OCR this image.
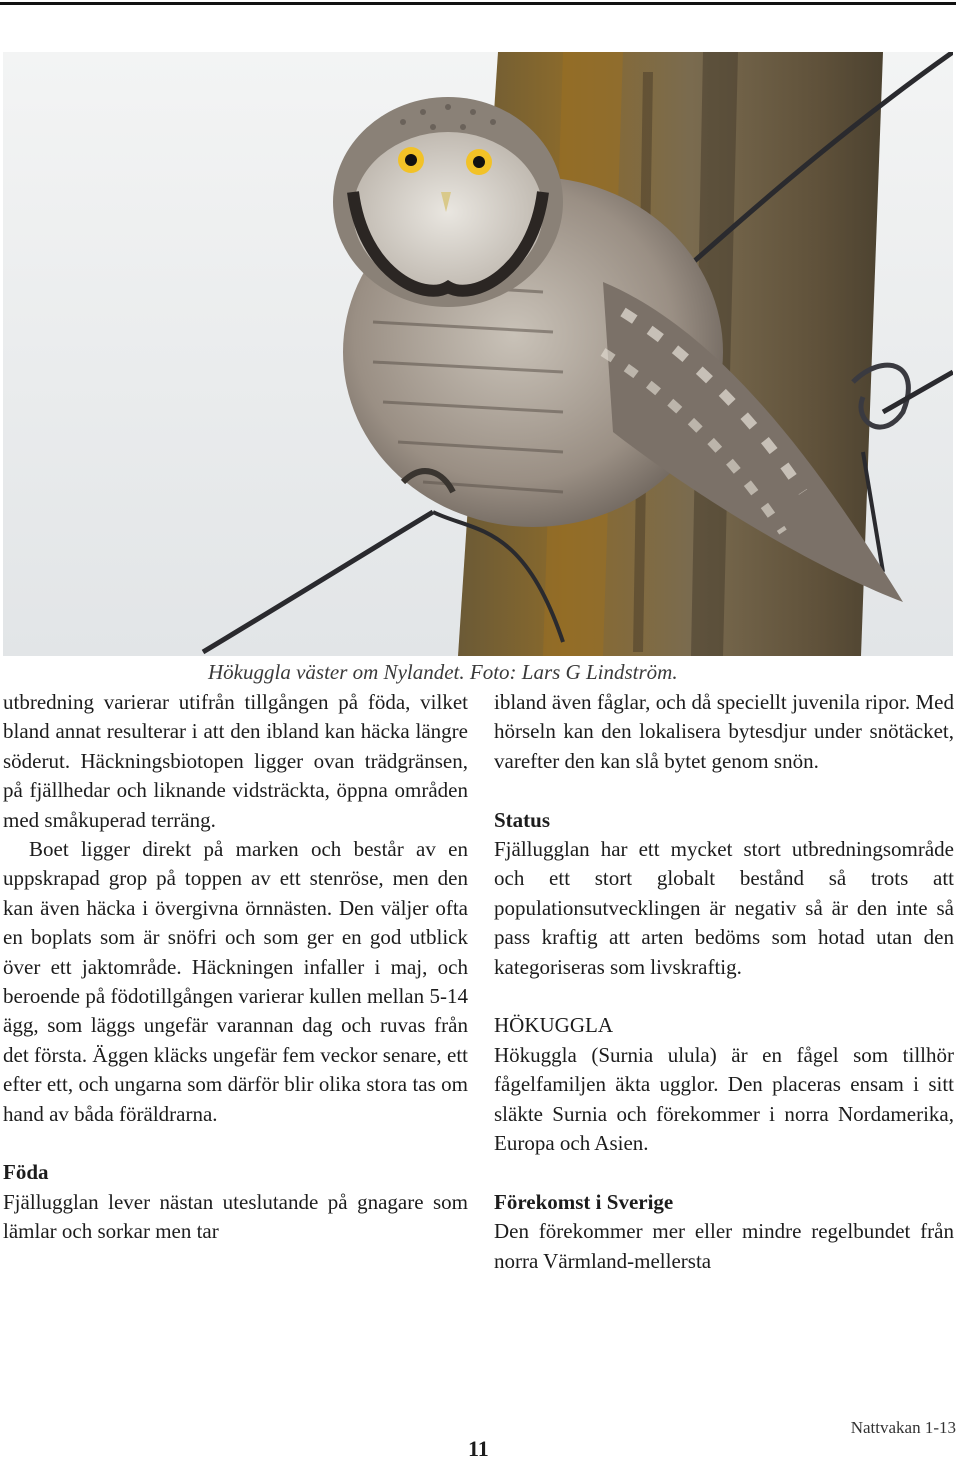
Hökuggla väster om Nylandet. Foto: Lars G Lindström.

utbredning varierar utifrån tillgången på föda, vilket bland annat resulterar i att den ibland kan häcka längre söderut. Häckningsbiotopen ligger ovan trädgränsen, på fjällhedar och liknande vidsträckta, öppna områden med småkuperad terräng.

Boet ligger direkt på marken och består av en uppskrapad grop på toppen av ett stenröse, men den kan även häcka i övergivna örnnästen. Den väljer ofta en boplats som är snöfri och som ger en god utblick över ett jaktområde. Häckningen infaller i maj, och beroende på födotillgången varierar kullen mellan 5-14 ägg, som läggs ungefär varannan dag och ruvas från det första. Äggen kläcks ungefär fem veckor senare, ett efter ett, och ungarna som därför blir olika stora tas om hand av båda föräldrarna.

Föda

Fjällugglan lever nästan uteslutande på gnagare som lämlar och sorkar men tar

ibland även fåglar, och då speciellt juvenila ripor. Med hörseln kan den lokalisera bytesdjur under snötäcket, varefter den kan slå bytet genom snön.

Status

Fjällugglan har ett mycket stort utbredningsområde och ett stort globalt bestånd så trots att populationsutvecklingen är negativ så är den inte så pass kraftig att arten bedöms som hotad utan den kategoriseras som livskraftig.

HÖKUGGLA

Hökuggla (Surnia ulula) är en fågel som tillhör fågelfamiljen äkta ugglor. Den placeras ensam i sitt släkte Surnia och förekommer i norra Nordamerika, Europa och Asien.

Förekomst i Sverige

Den förekommer mer eller mindre regelbundet från norra Värmland-mellersta

11
Nattvakan 1-13
